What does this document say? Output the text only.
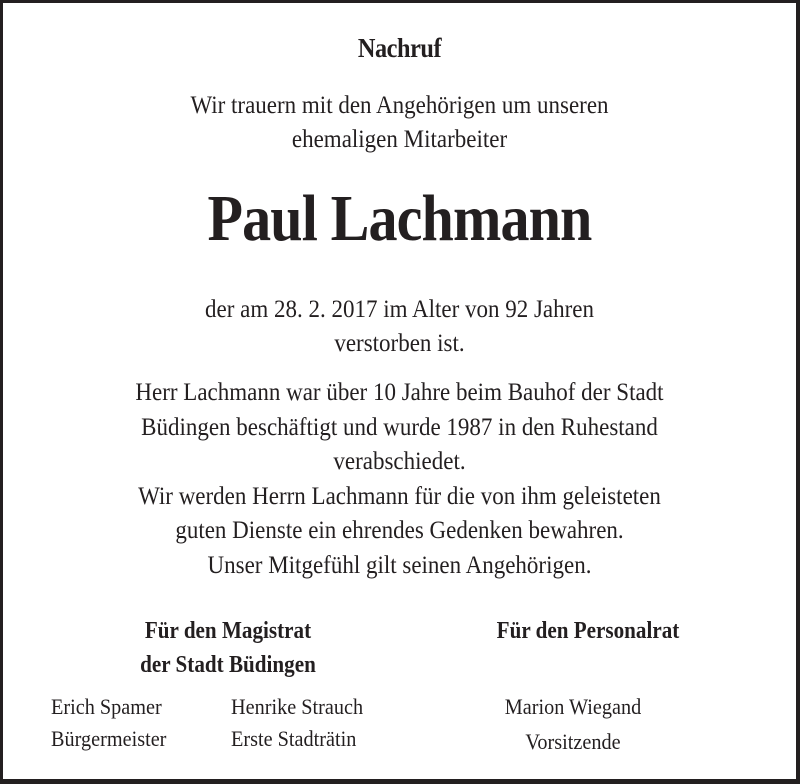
Nachruf
Wir trauern mit den Angehörigen um unseren
ehemaligen Mitarbeiter
Paul Lachmann
der am 28. 2. 2017 im Alter von 92 Jahren
verstorben ist.
Herr Lachmann war über 10 Jahre beim Bauhof der Stadt
Büdingen beschäftigt und wurde 1987 in den Ruhestand
verabschiedet.
Wir werden Herrn Lachmann für die von ihm geleisteten
guten Dienste ein ehrendes Gedenken bewahren.
Unser Mitgefühl gilt seinen Angehörigen.
Für den Magistrat
der Stadt Büdingen
Für den Personalrat
Erich Spamer
Bürgermeister
Henrike Strauch
Erste Stadträtin
Marion Wiegand
Vorsitzende
